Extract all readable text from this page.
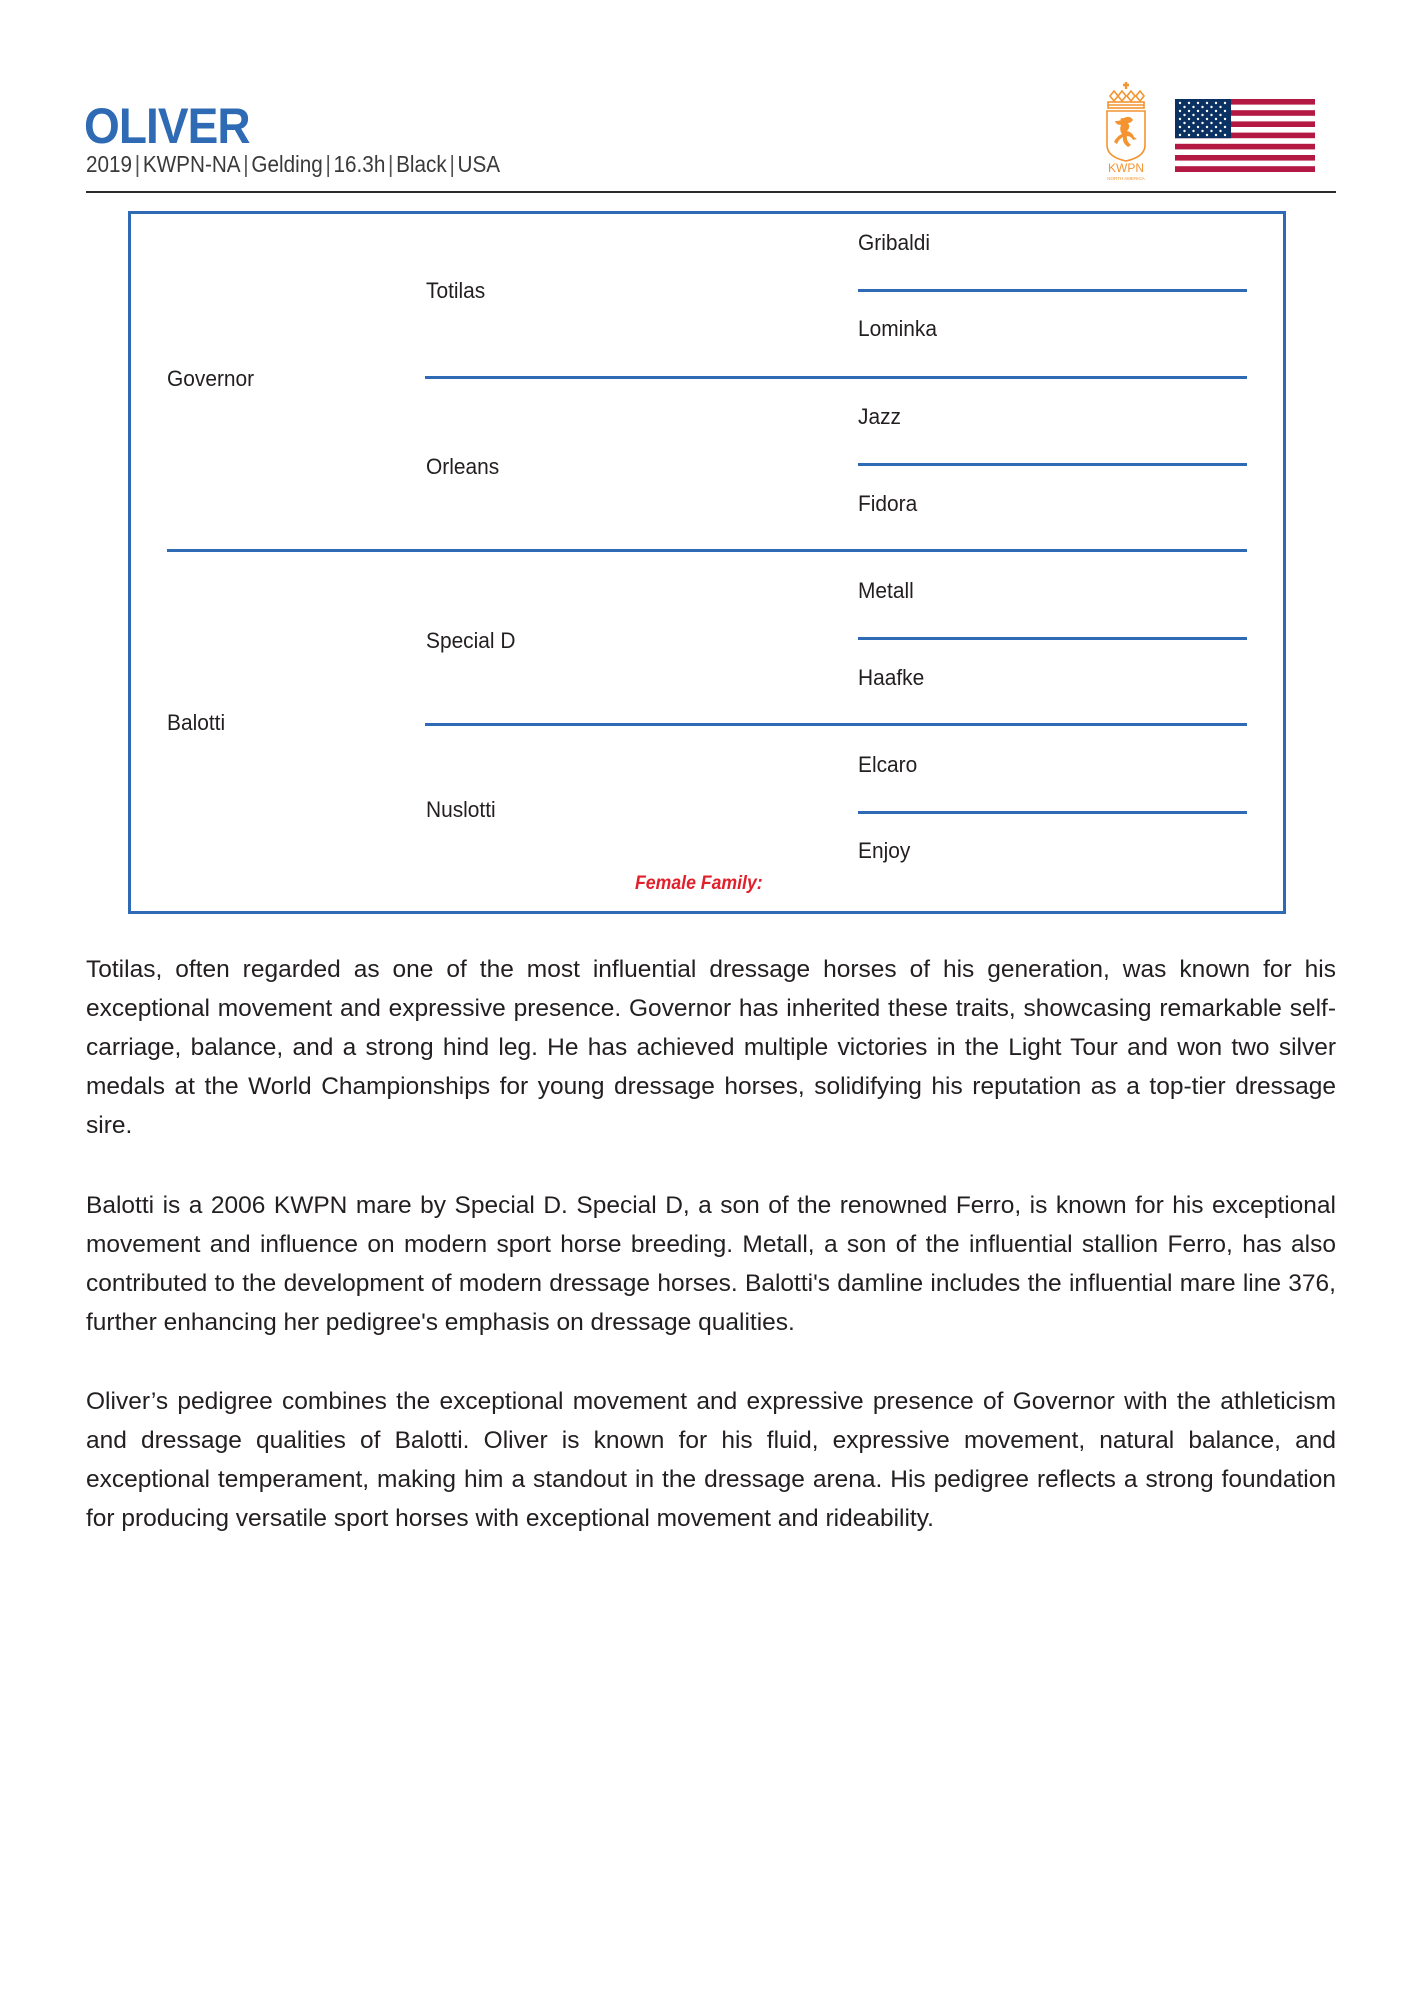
OLIVER
2019 | KWPN-NA | Gelding | 16.3h | Black | USA	KWPN
NORTH AMERICA
Governor
Balotti
Totilas
Orleans
Special D
Nuslotti
Gribaldi
Lominka
Jazz
Fidora
Metall
Haafke
Elcaro
Enjoy
Female Family:

Totilas, often regarded as one of the most influential dressage horses of his generation, was known for his exceptional movement and expressive presence. Governor has inherited these traits, showcasing remarkable self-carriage, balance, and a strong hind leg. He has achieved multiple victories in the Light Tour and won two silver medals at the World Championships for young dressage horses, solidifying his reputation as a top-tier dressage sire.

Balotti is a 2006 KWPN mare by Special D. Special D, a son of the renowned Ferro, is known for his exceptional movement and influence on modern sport horse breeding. Metall, a son of the influential stallion Ferro, has also contributed to the development of modern dressage horses. Balotti's damline includes the influential mare line 376, further enhancing her pedigree's emphasis on dressage qualities.

Oliver’s pedigree combines the exceptional movement and expressive presence of Governor with the athleticism and dressage qualities of Balotti. Oliver is known for his fluid, expressive movement, natural balance, and exceptional temperament, making him a standout in the dressage arena. His pedigree reflects a strong foundation for producing versatile sport horses with exceptional movement and rideability.
